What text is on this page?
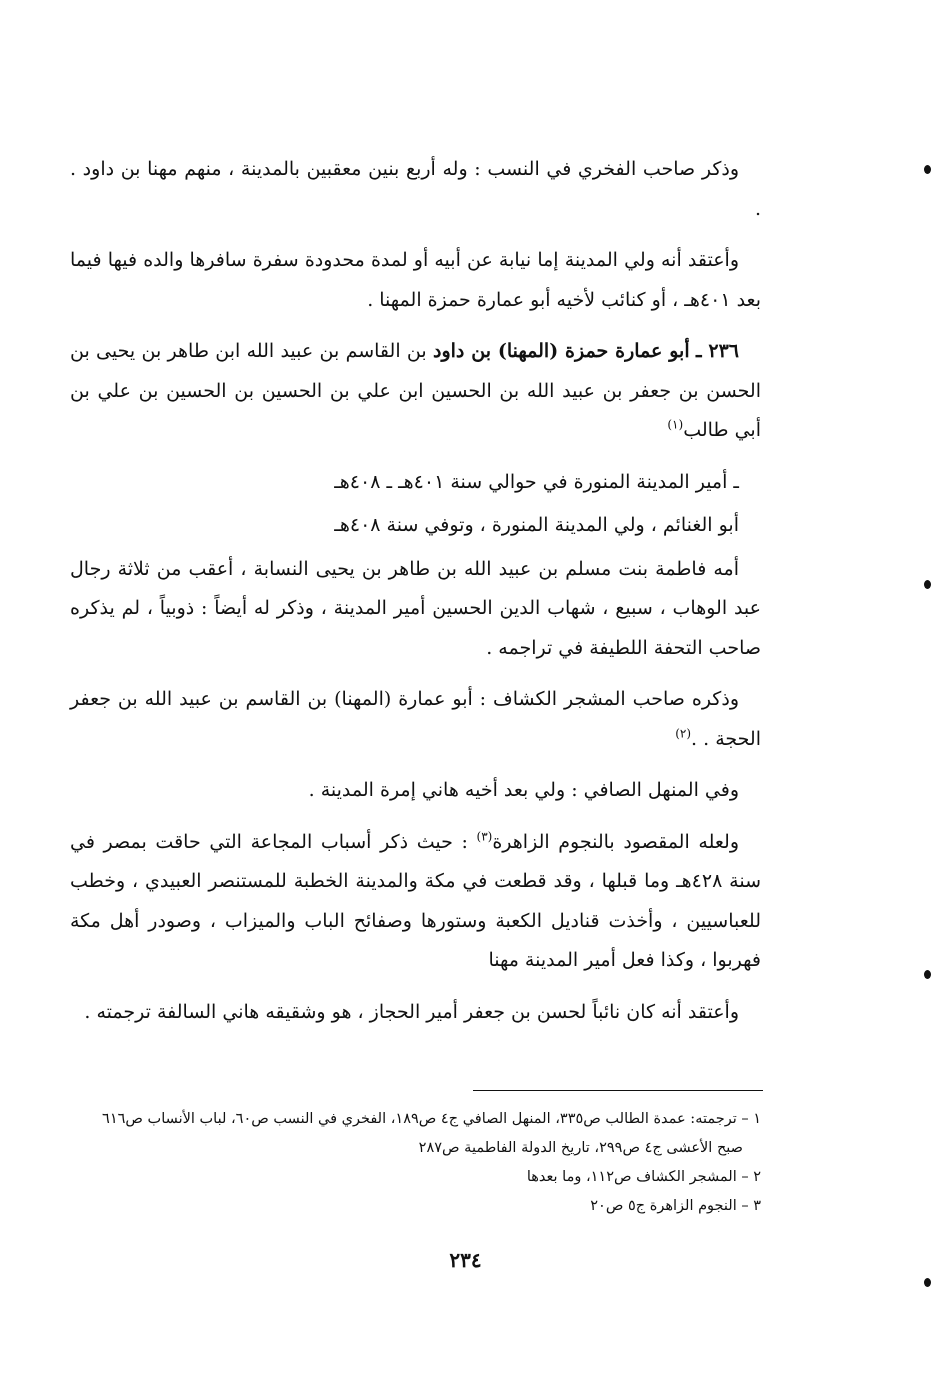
وذكر صاحب الفخري في النسب : وله أربع بنين معقبين بالمدينة ، منهم مهنا بن داود . .

وأعتقد أنه ولي المدينة إما نيابة عن أبيه أو لمدة محدودة سفرة سافرها والده فيها فيما بعد ٤٠١هـ ، أو كنائب لأخيه أبو عمارة حمزة المهنا .

٢٣٦ ـ أبو عمارة حمزة (المهنا) بن داود بن القاسم بن عبيد الله ابن طاهر بن يحيى بن الحسن بن جعفر بن عبيد الله بن الحسين ابن علي بن الحسين بن الحسين بن علي بن أبي طالب$^{(١)}$

ـ أمير المدينة المنورة في حوالي سنة ٤٠١هـ ـ ٤٠٨هـ

أبو الغنائم ، ولي المدينة المنورة ، وتوفي سنة ٤٠٨هـ

أمه فاطمة بنت مسلم بن عبيد الله بن طاهر بن يحيى النسابة ، أعقب من ثلاثة رجال عبد الوهاب ، سبيع ، شهاب الدين الحسين أمير المدينة ، وذكر له أيضاً : ذوبياً ، لم يذكره صاحب التحفة اللطيفة في تراجمه .

وذكره صاحب المشجر الكشاف : أبو عمارة (المهنا) بن القاسم بن عبيد الله بن جعفر الحجة . .$^{(٢)}$

وفي المنهل الصافي : ولي بعد أخيه هاني إمرة المدينة .

ولعله المقصود بالنجوم الزاهرة$^{(٣)}$ : حيث ذكر أسباب المجاعة التي حاقت بمصر في سنة ٤٢٨هـ وما قبلها ، وقد قطعت في مكة والمدينة الخطبة للمستنصر العبيدي ، وخطب للعباسيين ، وأخذت قناديل الكعبة وستورها وصفائح الباب والميزاب ، وصودر أهل مكة فهربوا ، وكذا فعل أمير المدينة مهنا

وأعتقد أنه كان نائباً لحسن بن جعفر أمير الحجاز ، هو وشقيقه هاني السالفة ترجمته .

١ – ترجمته: عمدة الطالب ص٣٣٥، المنهل الصافي ج٤ ص١٨٩، الفخري في النسب ص٦٠، لباب الأنساب ص٦١٦

صبح الأعشى ج٤ ص٢٩٩، تاريخ الدولة الفاطمية ص٢٨٧

٢ – المشجر الكشاف ص١١٢، وما بعدها

٣ – النجوم الزاهرة ج٥ ص٢٠

٢٣٤
